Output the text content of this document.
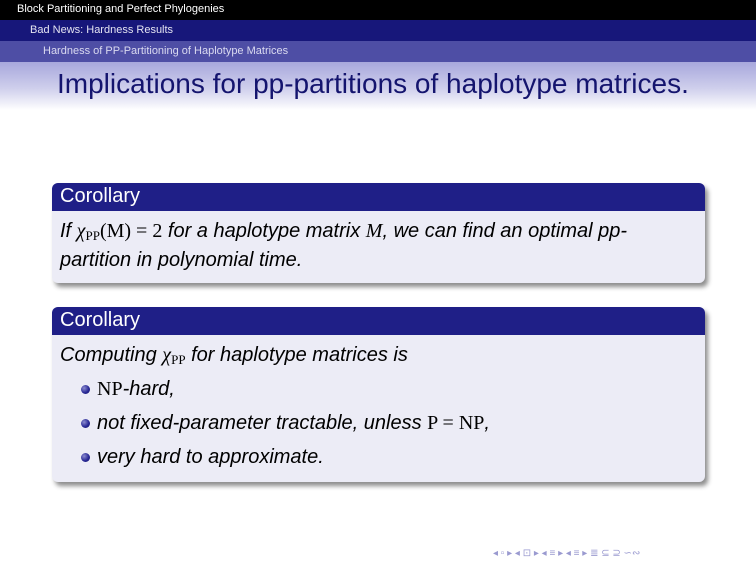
Block Partitioning and Perfect Phylogenies
Bad News: Hardness Results
Hardness of PP-Partitioning of Haplotype Matrices
Implications for pp-partitions of haplotype matrices.
Corollary
If $\chi_{PP}(M) = 2$ for a haplotype matrix M, we can find an optimal pp-partition in polynomial time.
Corollary
Computing $\chi_{PP}$ for haplotype matrices is
NP-hard,
not fixed-parameter tractable, unless P = NP,
very hard to approximate.
◂ ▫ ▸ ◂ ⊡ ▸ ◂ ≡ ▸ ◂ ≡ ▸ ≣ ⊆ ⊇ ∽∾
